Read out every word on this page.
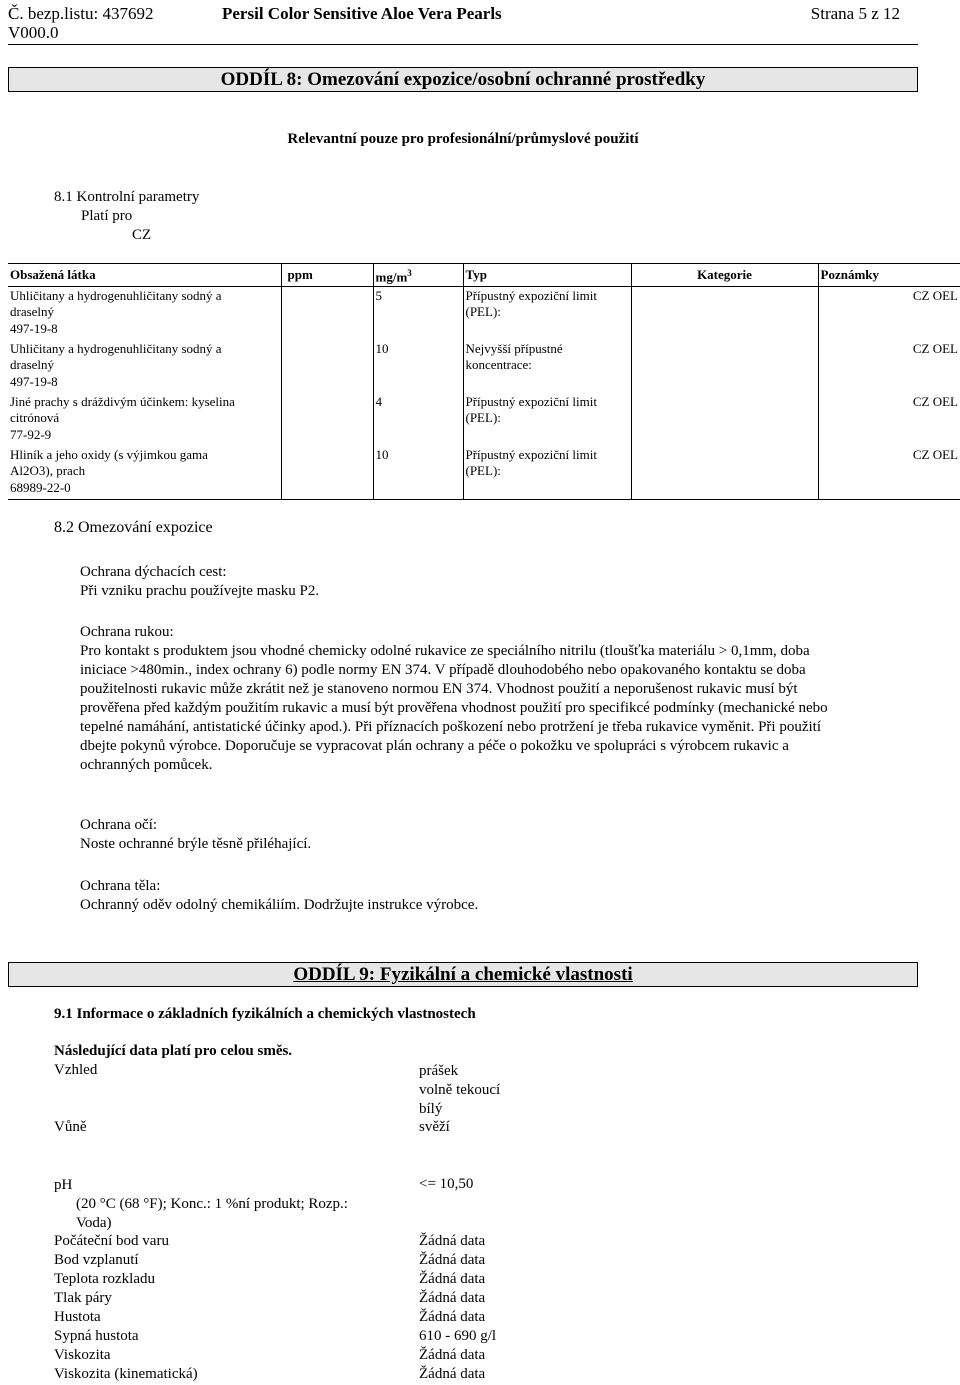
Č. bezp.listu: 437692
V000.0
Persil Color Sensitive Aloe Vera Pearls	Strana 5 z 12
ODDÍL 8: Omezování expozice/osobní ochranné prostředky
Relevantní pouze pro profesionální/průmyslové použití
8.1 Kontrolní parametry
Platí pro
CZ
Obsažená látka	ppm	$mg/m^3$	Typ	Kategorie	Poznámky

Uhličitany a hydrogenuhličitany sodný a
draselný
497-19-8		5	Přípustný expoziční limit
(PEL):		CZ OEL

Uhličitany a hydrogenuhličitany sodný a
draselný
497-19-8		10	Nejvyšší přípustné
koncentrace:		CZ OEL

Jiné prachy s dráždivým účinkem: kyselina
citrónová
77-92-9		4	Přípustný expoziční limit
(PEL):		CZ OEL

Hliník a jeho oxidy (s výjimkou gama
Al2O3), prach
68989-22-0		10	Přípustný expoziční limit
(PEL):		CZ OEL
8.2 Omezování expozice
Ochrana dýchacích cest:
Při vzniku prachu používejte masku P2.
Ochrana rukou:
Pro kontakt s produktem jsou vhodné chemicky odolné rukavice ze speciálního nitrilu (tloušťka materiálu > 0,1mm, doba
iniciace >480min., index ochrany 6) podle normy EN 374. V případě dlouhodobého nebo opakovaného kontaktu se doba
použitelnosti rukavic může zkrátit než je stanoveno normou EN 374. Vhodnost použití a neporušenost rukavic musí být
prověřena před každým použitím rukavic a musí být prověřena vhodnost použití pro specifikcé podmínky (mechanické nebo
tepelné namáhání, antistatické účinky apod.). Při příznacích poškození nebo protržení je třeba rukavice vyměnit. Při použití
dbejte pokynů výrobce. Doporučuje se vypracovat plán ochrany a péče o pokožku ve spolupráci s výrobcem rukavic a
ochranných pomůcek.
Ochrana očí:
Noste ochranné brýle těsně přiléhající.
Ochrana těla:
Ochranný oděv odolný chemikáliím. Dodržujte instrukce výrobce.
ODDÍL 9: Fyzikální a chemické vlastnosti
9.1 Informace o základních fyzikálních a chemických vlastnostech
Následující data platí pro celou směs.
Vzhled	prášek
volně tekoucí
bílý
Vůně	svěží
pH
(20 °C (68 °F); Konc.: 1 %ní produkt; Rozp.:
Voda)
<= 10,50
Počáteční bod varu	Žádná data
Bod vzplanutí	Žádná data
Teplota rozkladu	Žádná data
Tlak páry	Žádná data
Hustota	Žádná data
Sypná hustota	610 - 690 g/l
Viskozita	Žádná data
Viskozita (kinematická)	Žádná data
